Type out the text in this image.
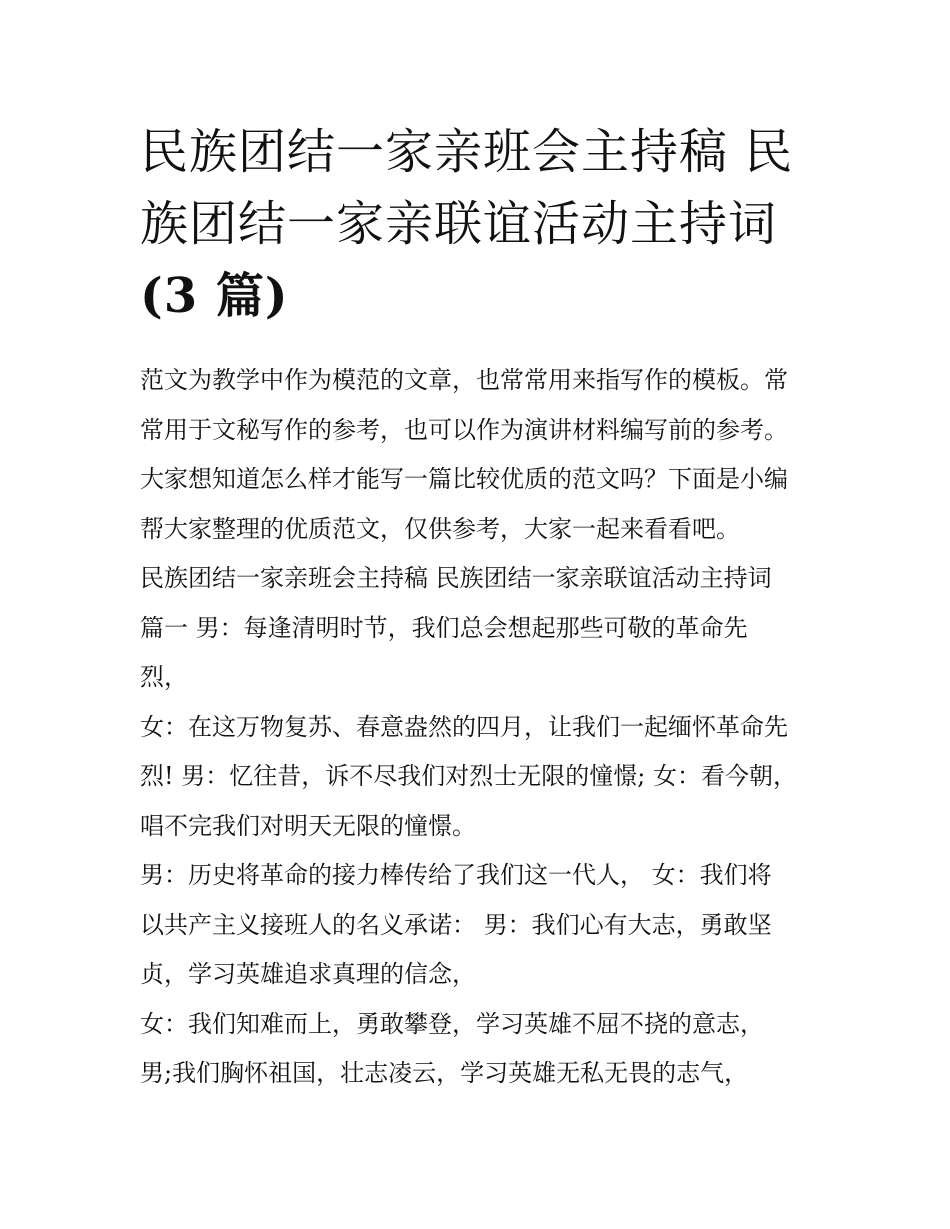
民族团结一家亲班会主持稿 民
族团结一家亲联谊活动主持词
(3 篇)
范文为教学中作为模范的文章，也常常用来指写作的模板。常
常用于文秘写作的参考，也可以作为演讲材料编写前的参考。
大家想知道怎么样才能写一篇比较优质的范文吗？下面是小编
帮大家整理的优质范文，仅供参考，大家一起来看看吧。
民族团结一家亲班会主持稿 民族团结一家亲联谊活动主持词
篇一 男：每逢清明时节，我们总会想起那些可敬的革命先
烈，
女：在这万物复苏、春意盎然的四月，让我们一起缅怀革命先
烈! 男：忆往昔，诉不尽我们对烈士无限的憧憬; 女：看今朝，
唱不完我们对明天无限的憧憬。
男：历史将革命的接力棒传给了我们这一代人， 女：我们将
以共产主义接班人的名义承诺： 男：我们心有大志，勇敢坚
贞，学习英雄追求真理的信念，
女：我们知难而上，勇敢攀登，学习英雄不屈不挠的意志，
男;我们胸怀祖国，壮志凌云，学习英雄无私无畏的志气，
